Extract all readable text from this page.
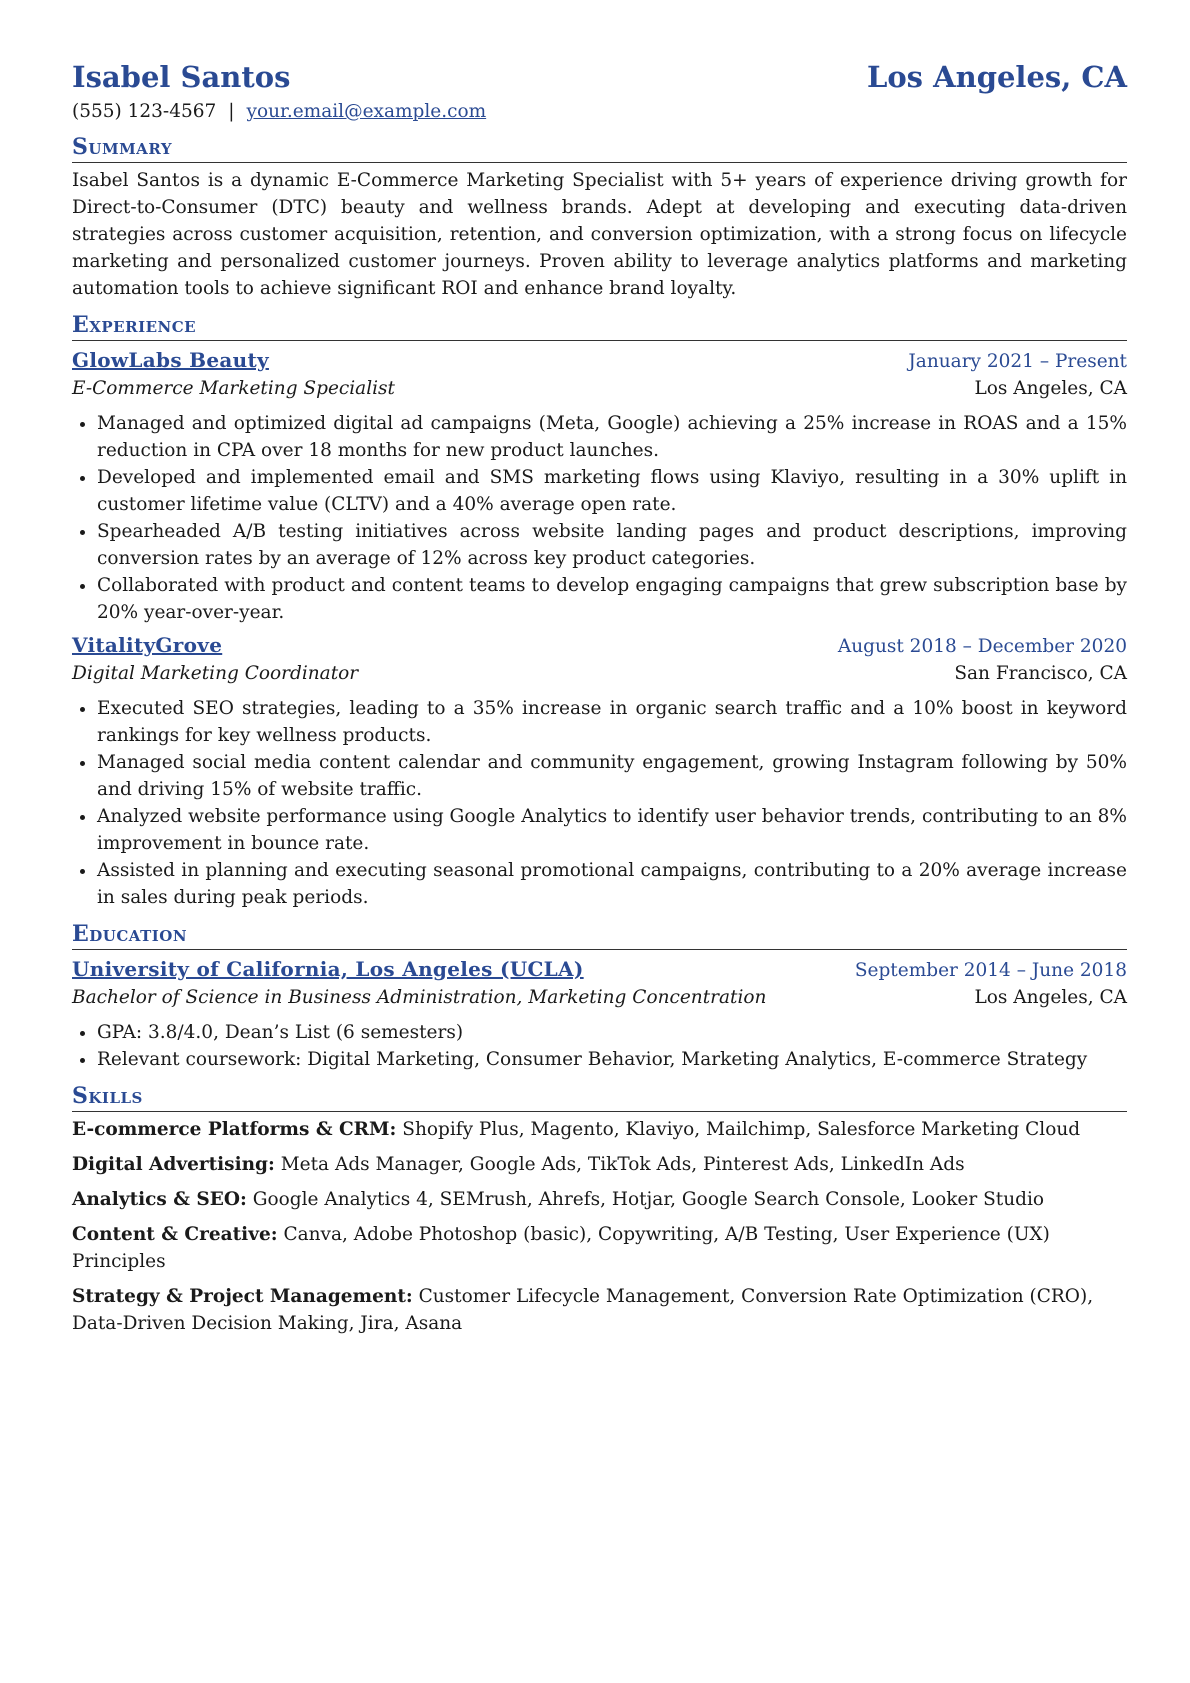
Isabel Santos	Los Angeles, CA
(555) 123-4567 | your.email@example.com
Summary
Isabel Santos is a dynamic E-Commerce Marketing Specialist with 5+ years of experience driving growth for Direct-to-Consumer (DTC) beauty and wellness brands. Adept at developing and executing data-driven strategies across customer acquisition, retention, and conversion optimization, with a strong focus on lifecycle marketing and personalized customer journeys. Proven ability to leverage analytics platforms and marketing automation tools to achieve significant ROI and enhance brand loyalty.
Experience
GlowLabs Beauty	January 2021 – Present
E-Commerce Marketing Specialist	Los Angeles, CA
• Managed and optimized digital ad campaigns (Meta, Google) achieving a 25% increase in ROAS and a 15% reduction in CPA over 18 months for new product launches.
• Developed and implemented email and SMS marketing flows using Klaviyo, resulting in a 30% uplift in customer lifetime value (CLTV) and a 40% average open rate.
• Spearheaded A/B testing initiatives across website landing pages and product descriptions, improving conversion rates by an average of 12% across key product categories.
• Collaborated with product and content teams to develop engaging campaigns that grew subscription base by 20% year-over-year.
VitalityGrove	August 2018 – December 2020
Digital Marketing Coordinator	San Francisco, CA
• Executed SEO strategies, leading to a 35% increase in organic search traffic and a 10% boost in keyword rankings for key wellness products.
• Managed social media content calendar and community engagement, growing Instagram following by 50% and driving 15% of website traffic.
• Analyzed website performance using Google Analytics to identify user behavior trends, contributing to an 8% improvement in bounce rate.
• Assisted in planning and executing seasonal promotional campaigns, contributing to a 20% average increase in sales during peak periods.
Education
University of California, Los Angeles (UCLA)	September 2014 – June 2018
Bachelor of Science in Business Administration, Marketing Concentration	Los Angeles, CA
• GPA: 3.8/4.0, Dean’s List (6 semesters)
• Relevant coursework: Digital Marketing, Consumer Behavior, Marketing Analytics, E-commerce Strategy
Skills
E-commerce Platforms & CRM: Shopify Plus, Magento, Klaviyo, Mailchimp, Salesforce Marketing Cloud
Digital Advertising: Meta Ads Manager, Google Ads, TikTok Ads, Pinterest Ads, LinkedIn Ads
Analytics & SEO: Google Analytics 4, SEMrush, Ahrefs, Hotjar, Google Search Console, Looker Studio
Content & Creative: Canva, Adobe Photoshop (basic), Copywriting, A/B Testing, User Experience (UX) Principles
Strategy & Project Management: Customer Lifecycle Management, Conversion Rate Optimization (CRO), Data-Driven Decision Making, Jira, Asana
